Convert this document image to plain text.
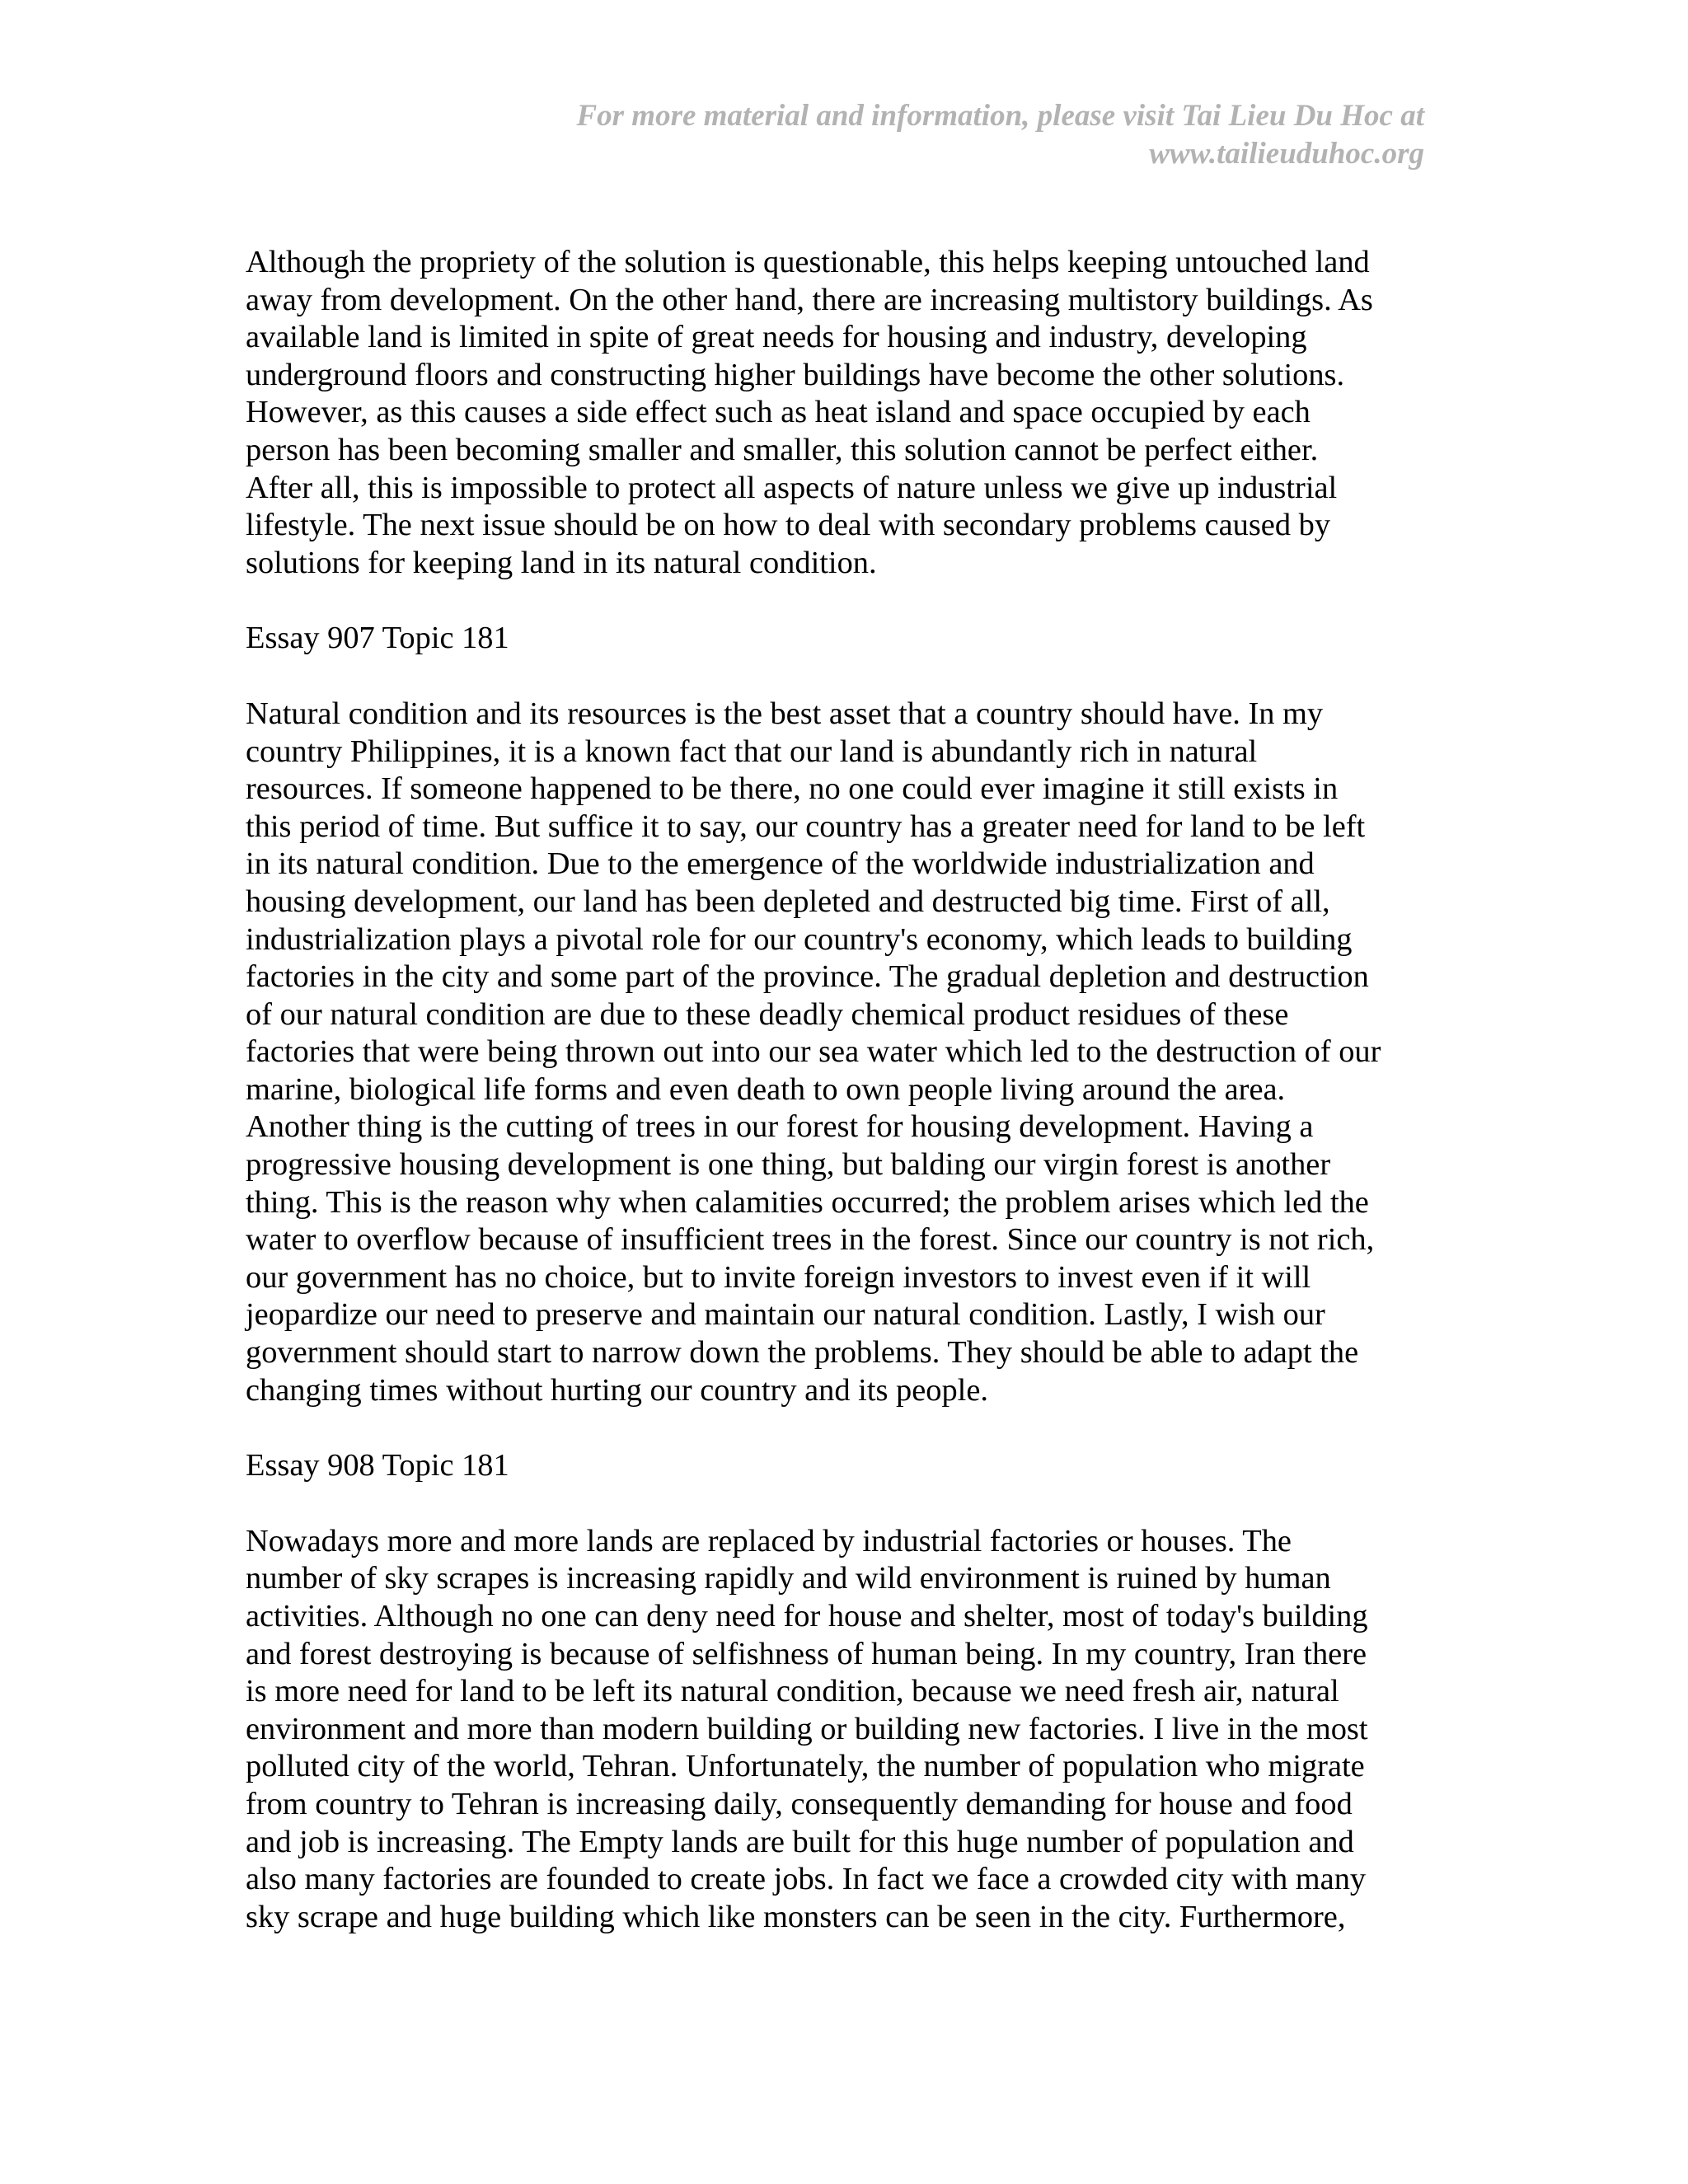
For more material and information, please visit Tai Lieu Du Hoc at
www.tailieuduhoc.org

Although the propriety of the solution is questionable, this helps keeping untouched land
away from development. On the other hand, there are increasing multistory buildings. As
available land is limited in spite of great needs for housing and industry, developing
underground floors and constructing higher buildings have become the other solutions.
However, as this causes a side effect such as heat island and space occupied by each
person has been becoming smaller and smaller, this solution cannot be perfect either.
After all, this is impossible to protect all aspects of nature unless we give up industrial
lifestyle. The next issue should be on how to deal with secondary problems caused by
solutions for keeping land in its natural condition.

Essay 907 Topic 181

Natural condition and its resources is the best asset that a country should have. In my
country Philippines, it is a known fact that our land is abundantly rich in natural
resources. If someone happened to be there, no one could ever imagine it still exists in
this period of time. But suffice it to say, our country has a greater need for land to be left
in its natural condition. Due to the emergence of the worldwide industrialization and
housing development, our land has been depleted and destructed big time. First of all,
industrialization plays a pivotal role for our country's economy, which leads to building
factories in the city and some part of the province. The gradual depletion and destruction
of our natural condition are due to these deadly chemical product residues of these
factories that were being thrown out into our sea water which led to the destruction of our
marine, biological life forms and even death to own people living around the area.
Another thing is the cutting of trees in our forest for housing development. Having a
progressive housing development is one thing, but balding our virgin forest is another
thing. This is the reason why when calamities occurred; the problem arises which led the
water to overflow because of insufficient trees in the forest. Since our country is not rich,
our government has no choice, but to invite foreign investors to invest even if it will
jeopardize our need to preserve and maintain our natural condition. Lastly, I wish our
government should start to narrow down the problems. They should be able to adapt the
changing times without hurting our country and its people.

Essay 908 Topic 181

Nowadays more and more lands are replaced by industrial factories or houses. The
number of sky scrapes is increasing rapidly and wild environment is ruined by human
activities. Although no one can deny need for house and shelter, most of today's building
and forest destroying is because of selfishness of human being. In my country, Iran there
is more need for land to be left its natural condition, because we need fresh air, natural
environment and more than modern building or building new factories. I live in the most
polluted city of the world, Tehran. Unfortunately, the number of population who migrate
from country to Tehran is increasing daily, consequently demanding for house and food
and job is increasing. The Empty lands are built for this huge number of population and
also many factories are founded to create jobs. In fact we face a crowded city with many
sky scrape and huge building which like monsters can be seen in the city. Furthermore,
